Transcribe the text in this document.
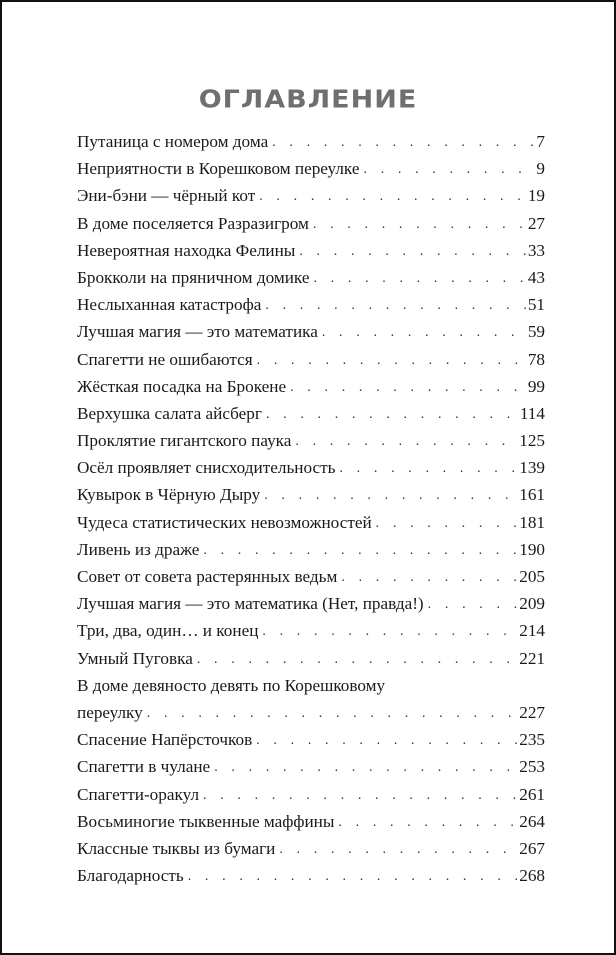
ОГЛАВЛЕНИЕ
Путаница с номером дома . . .	7
Неприятности в Корешковом переулке . . .	9
Эни-бэни — чёрный кот . . .	19
В доме поселяется Разразигром . . .	27
Невероятная находка Фелины . . .	33
Брокколи на пряничном домике . . .	43
Неслыханная катастрофа . . .	51
Лучшая магия — это математика . . .	59
Спагетти не ошибаются . . .	78
Жёсткая посадка на Брокене . . .	99
Верхушка салата айсберг . . .	114
Проклятие гигантского паука . . .	125
Осёл проявляет снисходительность . . .	139
Кувырок в Чёрную Дыру . . .	161
Чудеса статистических невозможностей . . .	181
Ливень из драже . . .	190
Совет от совета растерянных ведьм . . .	205
Лучшая магия — это математика (Нет, правда!) . . .	209
Три, два, один… и конец . . .	214
Умный Пуговка . . .	221
В доме девяносто девять по Корешковому
переулку . . .	227
Спасение Напёрсточков . . .	235
Спагетти в чулане . . .	253
Спагетти-оракул . . .	261
Восьминогие тыквенные маффины . . .	264
Классные тыквы из бумаги . . .	267
Благодарность . . .	268
